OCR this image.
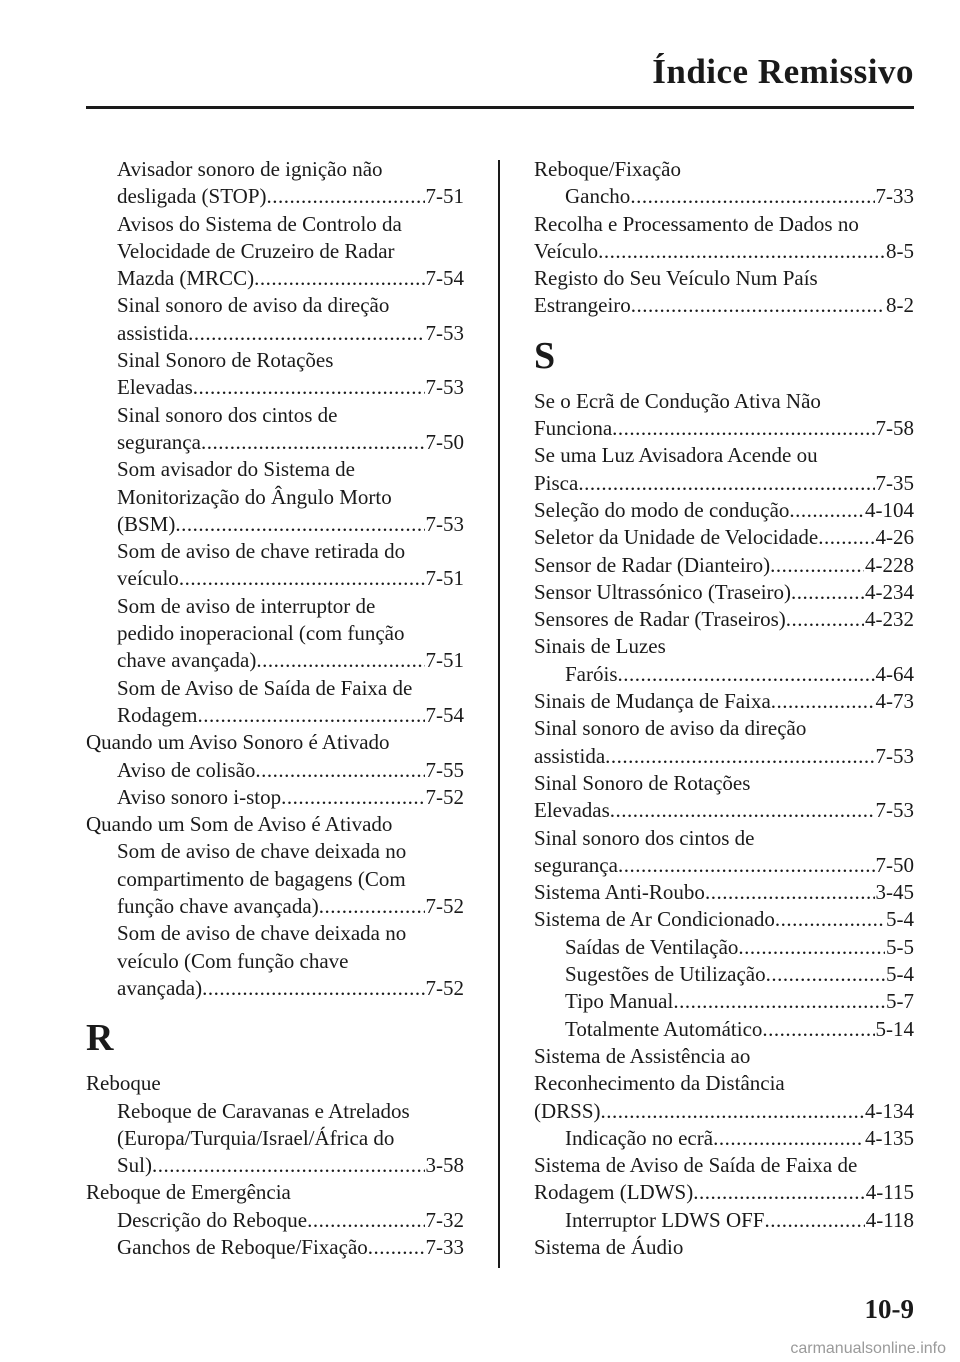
Índice Remissivo
Avisador sonoro de ignição não
desligada (STOP) .....	7-51
Avisos do Sistema de Controlo da
Velocidade de Cruzeiro de Radar
Mazda (MRCC) .....	7-54
Sinal sonoro de aviso da direção
assistida .....	7-53
Sinal Sonoro de Rotações
Elevadas .....	7-53
Sinal sonoro dos cintos de
segurança .....	7-50
Som avisador do Sistema de
Monitorização do Ângulo Morto
(BSM) .....	7-53
Som de aviso de chave retirada do
veículo .....	7-51
Som de aviso de interruptor de
pedido inoperacional (com função
chave avançada) .....	7-51
Som de Aviso de Saída de Faixa de
Rodagem .....	7-54
Quando um Aviso Sonoro é Ativado
Aviso de colisão .....	7-55
Aviso sonoro i-stop .....	7-52
Quando um Som de Aviso é Ativado
Som de aviso de chave deixada no
compartimento de bagagens (Com
função chave avançada) .....	7-52
Som de aviso de chave deixada no
veículo (Com função chave
avançada) .....	7-52
R
Reboque
Reboque de Caravanas e Atrelados
(Europa/Turquia/Israel/África do
Sul) .....	3-58
Reboque de Emergência
Descrição do Reboque .....	7-32
Ganchos de Reboque/Fixação .....	7-33
Reboque/Fixação
Gancho .....	7-33
Recolha e Processamento de Dados no
Veículo .....	8-5
Registo do Seu Veículo Num País
Estrangeiro .....	8-2
S
Se o Ecrã de Condução Ativa Não
Funciona .....	7-58
Se uma Luz Avisadora Acende ou
Pisca .....	7-35
Seleção do modo de condução .....	4-104
Seletor da Unidade de Velocidade .....	4-26
Sensor de Radar (Dianteiro) .....	4-228
Sensor Ultrassónico (Traseiro) .....	4-234
Sensores de Radar (Traseiros) .....	4-232
Sinais de Luzes
Faróis .....	4-64
Sinais de Mudança de Faixa .....	4-73
Sinal sonoro de aviso da direção
assistida .....	7-53
Sinal Sonoro de Rotações
Elevadas .....	7-53
Sinal sonoro dos cintos de
segurança .....	7-50
Sistema Anti-Roubo .....	3-45
Sistema de Ar Condicionado .....	5-4
Saídas de Ventilação .....	5-5
Sugestões de Utilização .....	5-4
Tipo Manual .....	5-7
Totalmente Automático .....	5-14
Sistema de Assistência ao
Reconhecimento da Distância
(DRSS) .....	4-134
Indicação no ecrã .....	4-135
Sistema de Aviso de Saída de Faixa de
Rodagem (LDWS) .....	4-115
Interruptor LDWS OFF .....	4-118
Sistema de Áudio
10-9
carmanualsonline.info
